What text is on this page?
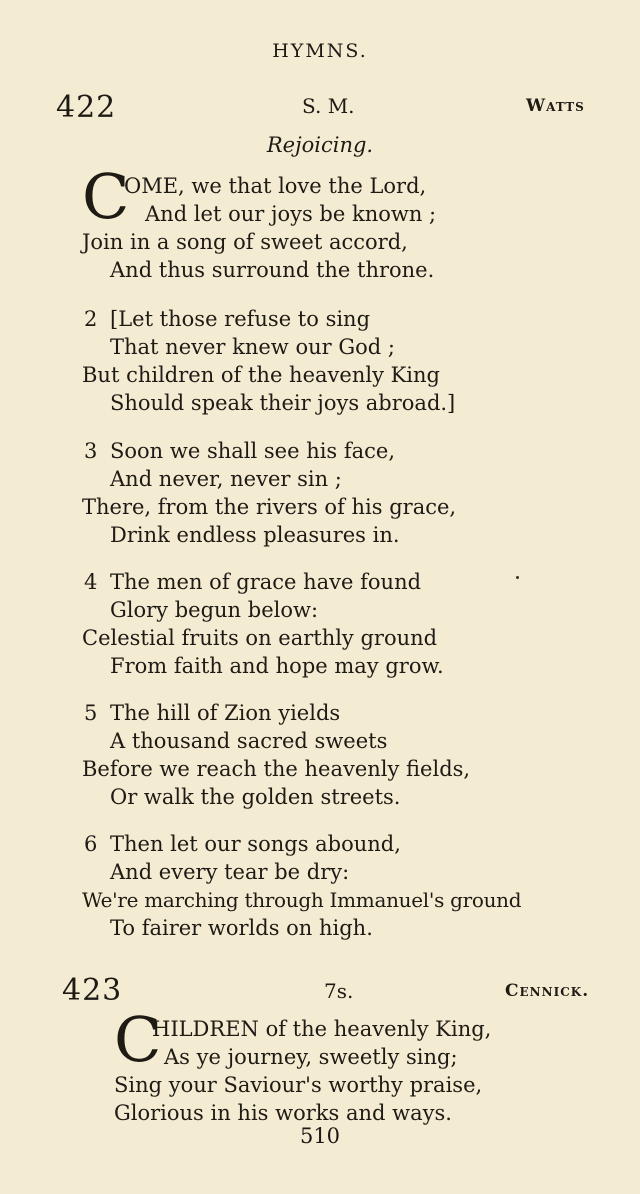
HYMNS.
422	S. M.	Watts
Rejoicing.
C
OME, we that love the Lord,
And let our joys be known ;
Join in a song of sweet accord,
And thus surround the throne.
2 [Let those refuse to sing
That never knew our God ;
But children of the heavenly King
Should speak their joys abroad.]
3 Soon we shall see his face,
And never, never sin ;
There, from the rivers of his grace,
Drink endless pleasures in.
4 The men of grace have found
Glory begun below:
Celestial fruits on earthly ground
From faith and hope may grow.
5 The hill of Zion yields
A thousand sacred sweets
Before we reach the heavenly fields,
Or walk the golden streets.
6 Then let our songs abound,
And every tear be dry:
We're marching through Immanuel's ground
To fairer worlds on high.
423	7s.	Cennick.
C
HILDREN of the heavenly King,
As ye journey, sweetly sing;
Sing your Saviour's worthy praise,
Glorious in his works and ways.
510
